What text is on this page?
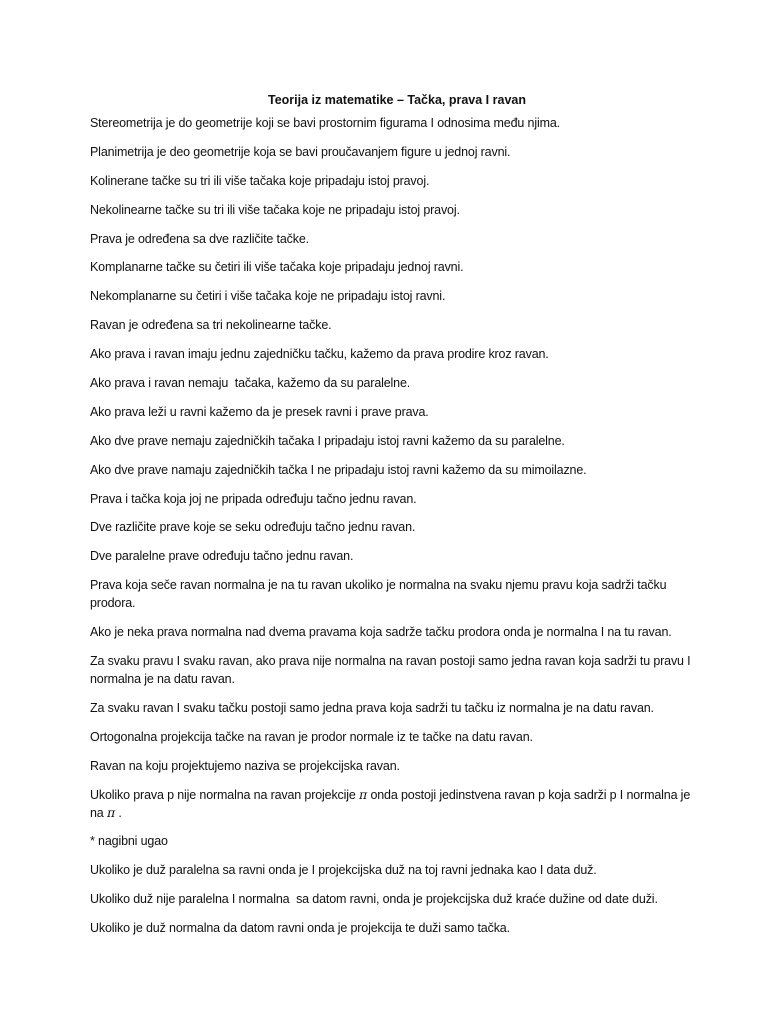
Teorija iz matematike – Tačka, prava I ravan
Stereometrija je do geometrije koji se bavi prostornim figurama I odnosima među njima.
Planimetrija je deo geometrije koja se bavi proučavanjem figure u jednoj ravni.
Kolinerane tačke su tri ili više tačaka koje pripadaju istoj pravoj.
Nekolinearne tačke su tri ili više tačaka koje ne pripadaju istoj pravoj.
Prava je određena sa dve različite tačke.
Komplanarne tačke su četiri ili više tačaka koje pripadaju jednoj ravni.
Nekomplanarne su četiri i više tačaka koje ne pripadaju istoj ravni.
Ravan je određena sa tri nekolinearne tačke.
Ako prava i ravan imaju jednu zajedničku tačku, kažemo da prava prodire kroz ravan.
Ako prava i ravan nemaju  tačaka, kažemo da su paralelne.
Ako prava leži u ravni kažemo da je presek ravni i prave prava.
Ako dve prave nemaju zajedničkih tačaka I pripadaju istoj ravni kažemo da su paralelne.
Ako dve prave namaju zajedničkih tačka I ne pripadaju istoj ravni kažemo da su mimoilazne.
Prava i tačka koja joj ne pripada određuju tačno jednu ravan.
Dve različite prave koje se seku određuju tačno jednu ravan.
Dve paralelne prave određuju tačno jednu ravan.
Prava koja seče ravan normalna je na tu ravan ukoliko je normalna na svaku njemu pravu koja sadrži tačku prodora.
Ako je neka prava normalna nad dvema pravama koja sadrže tačku prodora onda je normalna I na tu ravan.
Za svaku pravu I svaku ravan, ako prava nije normalna na ravan postoji samo jedna ravan koja sadrži tu pravu I normalna je na datu ravan.
Za svaku ravan I svaku tačku postoji samo jedna prava koja sadrži tu tačku iz normalna je na datu ravan.
Ortogonalna projekcija tačke na ravan je prodor normale iz te tačke na datu ravan.
Ravan na koju projektujemo naziva se projekcijska ravan.
Ukoliko prava p nije normalna na ravan projekcije π onda postoji jedinstvena ravan p koja sadrži p I normalna je na π .
* nagibni ugao
Ukoliko je duž paralelna sa ravni onda je I projekcijska duž na toj ravni jednaka kao I data duž.
Ukoliko duž nije paralelna I normalna  sa datom ravni, onda je projekcijska duž kraće dužine od date duži.
Ukoliko je duž normalna da datom ravni onda je projekcija te duži samo tačka.
